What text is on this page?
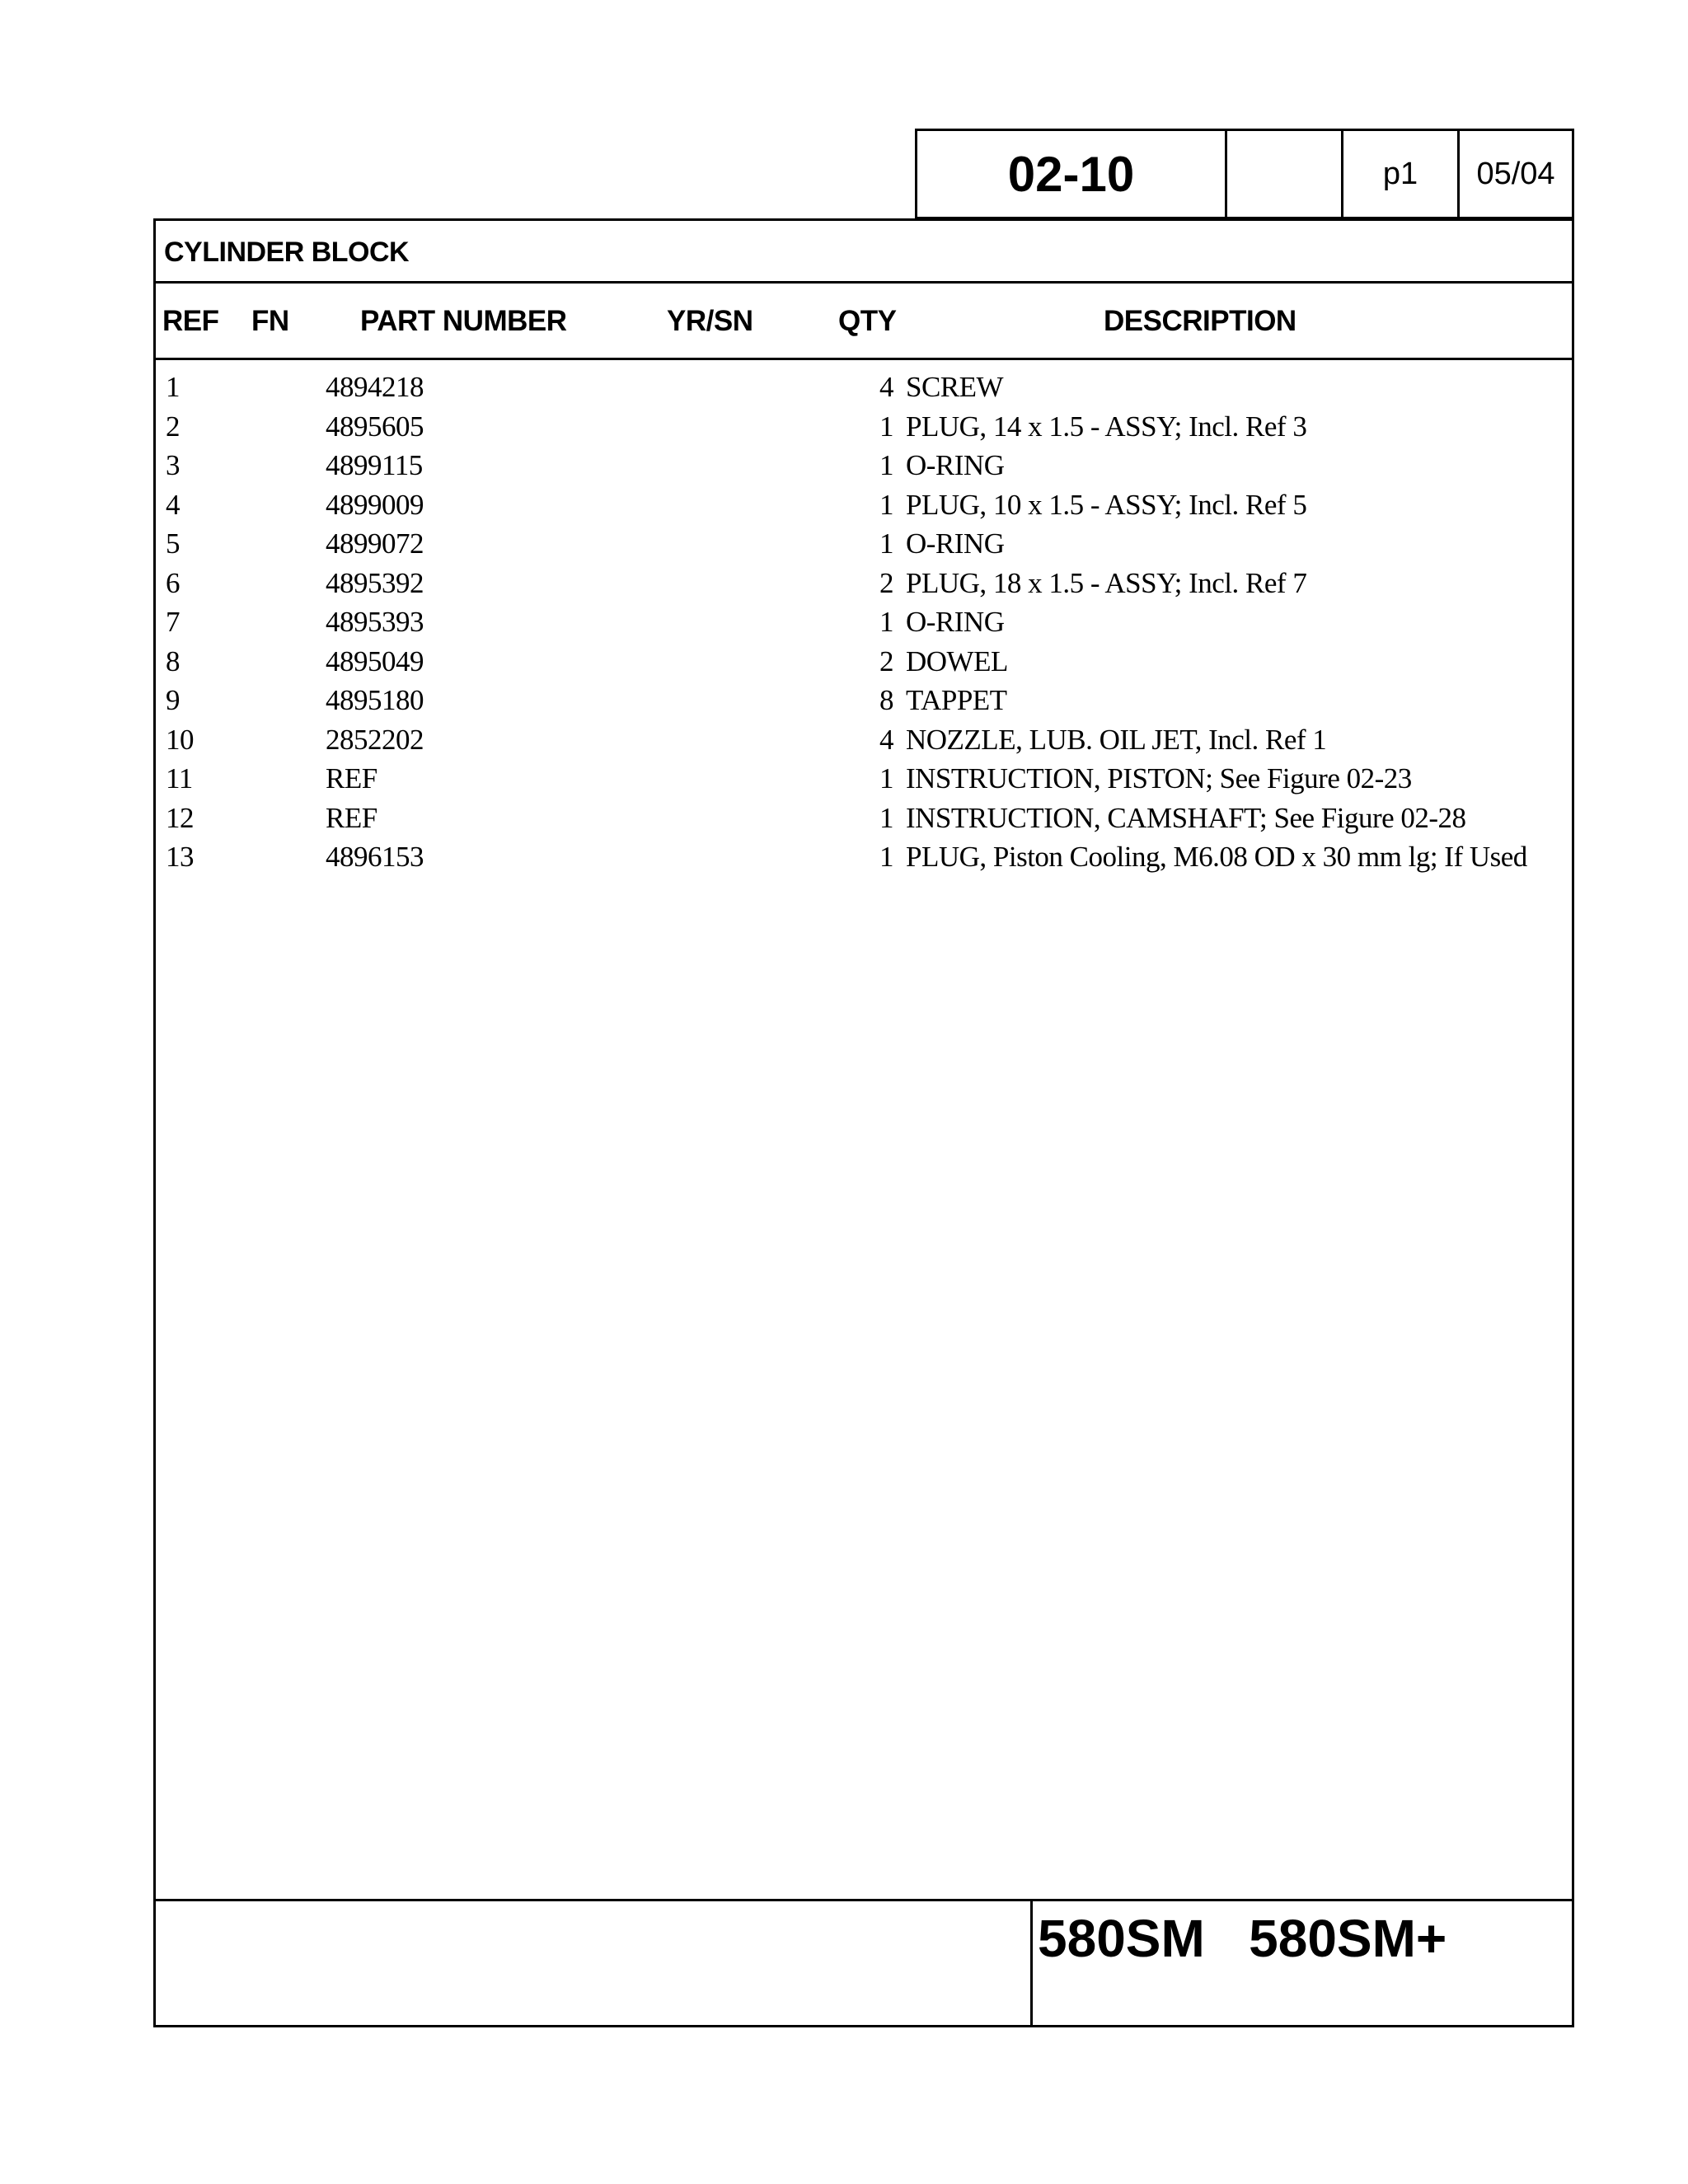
02-10	p1	05/04
CYLINDER BLOCK
REF FN PART NUMBER	YR/SN	QTY	DESCRIPTION
1	4894218	4 SCREW
2	4895605	1 PLUG, 14 x 1.5 - ASSY; Incl. Ref 3
3	4899115	1 O-RING
4	4899009	1 PLUG, 10 x 1.5 - ASSY; Incl. Ref 5
5	4899072	1 O-RING
6	4895392	2 PLUG, 18 x 1.5 - ASSY; Incl. Ref 7
7	4895393	1 O-RING
8	4895049	2 DOWEL
9	4895180	8 TAPPET
10	2852202	4 NOZZLE, LUB. OIL JET, Incl. Ref 1
11	REF	1 INSTRUCTION, PISTON; See Figure 02-23
12	REF	1 INSTRUCTION, CAMSHAFT; See Figure 02-28
13	4896153	1 PLUG, Piston Cooling, M6.08 OD x 30 mm lg; If Used
580SM   580SM+
